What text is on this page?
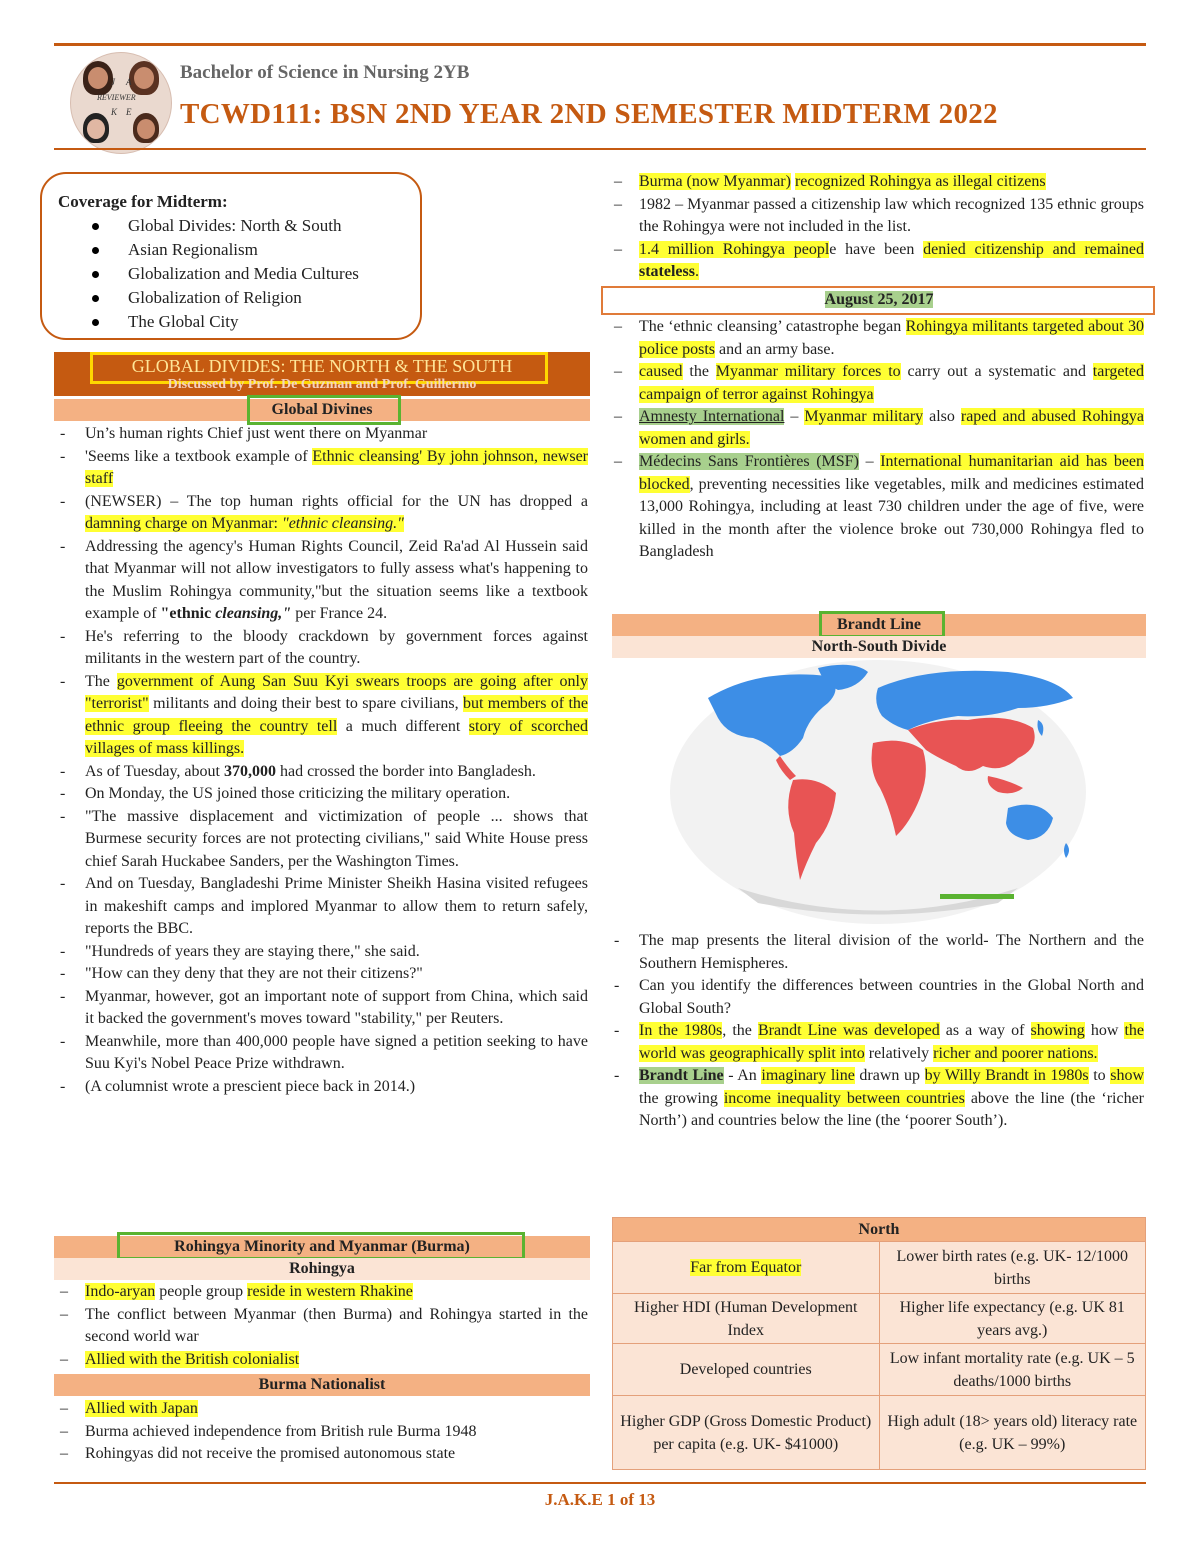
J A
REVIEWER
K E
Bachelor of Science in Nursing 2YB
TCWD111: BSN 2ND YEAR 2ND SEMESTER MIDTERM 2022
Coverage for Midterm:
Global Divides: North & South
Asian Regionalism
Globalization and Media Cultures
Globalization of Religion
The Global City
GLOBAL DIVIDES: THE NORTH & THE SOUTH
Discussed by Prof. De Guzman and Prof. Guillermo
Global Divines
- Un’s human rights Chief just went there on Myanmar
- 'Seems like a textbook example of Ethnic cleansing' By john johnson, newser staff
- (NEWSER) – The top human rights official for the UN has dropped a damning charge on Myanmar: "ethnic cleansing."
- Addressing the agency's Human Rights Council, Zeid Ra'ad Al Hussein said that Myanmar will not allow investigators to fully assess what's happening to the Muslim Rohingya community,"but the situation seems like a textbook example of "ethnic cleansing," per France 24.
- He's referring to the bloody crackdown by government forces against militants in the western part of the country.
- The government of Aung San Suu Kyi swears troops are going after only "terrorist" militants and doing their best to spare civilians, but members of the ethnic group fleeing the country tell a much different story of scorched villages of mass killings.
- As of Tuesday, about 370,000 had crossed the border into Bangladesh.
- On Monday, the US joined those criticizing the military operation.
- "The massive displacement and victimization of people ... shows that Burmese security forces are not protecting civilians," said White House press chief Sarah Huckabee Sanders, per the Washington Times.
- And on Tuesday, Bangladeshi Prime Minister Sheikh Hasina visited refugees in makeshift camps and implored Myanmar to allow them to return safely, reports the BBC.
- "Hundreds of years they are staying there," she said.
- "How can they deny that they are not their citizens?"
- Myanmar, however, got an important note of support from China, which said it backed the government's moves toward "stability," per Reuters.
- Meanwhile, more than 400,000 people have signed a petition seeking to have Suu Kyi's Nobel Peace Prize withdrawn.
- (A columnist wrote a prescient piece back in 2014.)
Rohingya Minority and Myanmar (Burma)
Rohingya
– Indo-aryan people group reside in western Rhakine
– The conflict between Myanmar (then Burma) and Rohingya started in the second world war
– Allied with the British colonialist
Burma Nationalist
– Allied with Japan
– Burma achieved independence from British rule Burma 1948
– Rohingyas did not receive the promised autonomous state
– Burma (now Myanmar) recognized Rohingya as illegal citizens
– 1982 – Myanmar passed a citizenship law which recognized 135 ethnic groups the Rohingya were not included in the list.
– 1.4 million Rohingya people have been denied citizenship and remained stateless.
August 25, 2017
– The ‘ethnic cleansing’ catastrophe began Rohingya militants targeted about 30 police posts and an army base.
– caused the Myanmar military forces to carry out a systematic and targeted campaign of terror against Rohingya
– Amnesty International – Myanmar military also raped and abused Rohingya women and girls.
– Médecins Sans Frontières (MSF) – International humanitarian aid has been blocked, preventing necessities like vegetables, milk and medicines estimated 13,000 Rohingya, including at least 730 children under the age of five, were killed in the month after the violence broke out 730,000 Rohingya fled to Bangladesh
Brandt Line
North-South Divide
- The map presents the literal division of the world- The Northern and the Southern Hemispheres.
- Can you identify the differences between countries in the Global North and Global South?
- In the 1980s, the Brandt Line was developed as a way of showing how the world was geographically split into relatively richer and poorer nations.
- Brandt Line - An imaginary line drawn up by Willy Brandt in 1980s to show the growing income inequality between countries above the line (the ‘richer North’) and countries below the line (the ‘poorer South’).
North	
Far from Equator	Lower birth rates (e.g. UK- 12/1000 births
Higher HDI (Human Development Index	Higher life expectancy (e.g. UK 81 years avg.)
Developed countries	Low infant mortality rate (e.g. UK – 5 deaths/1000 births
Higher GDP (Gross Domestic Product) per capita (e.g. UK- $41000)	High adult (18> years old) literacy rate (e.g. UK – 99%)
J.A.K.E 1 of 13
